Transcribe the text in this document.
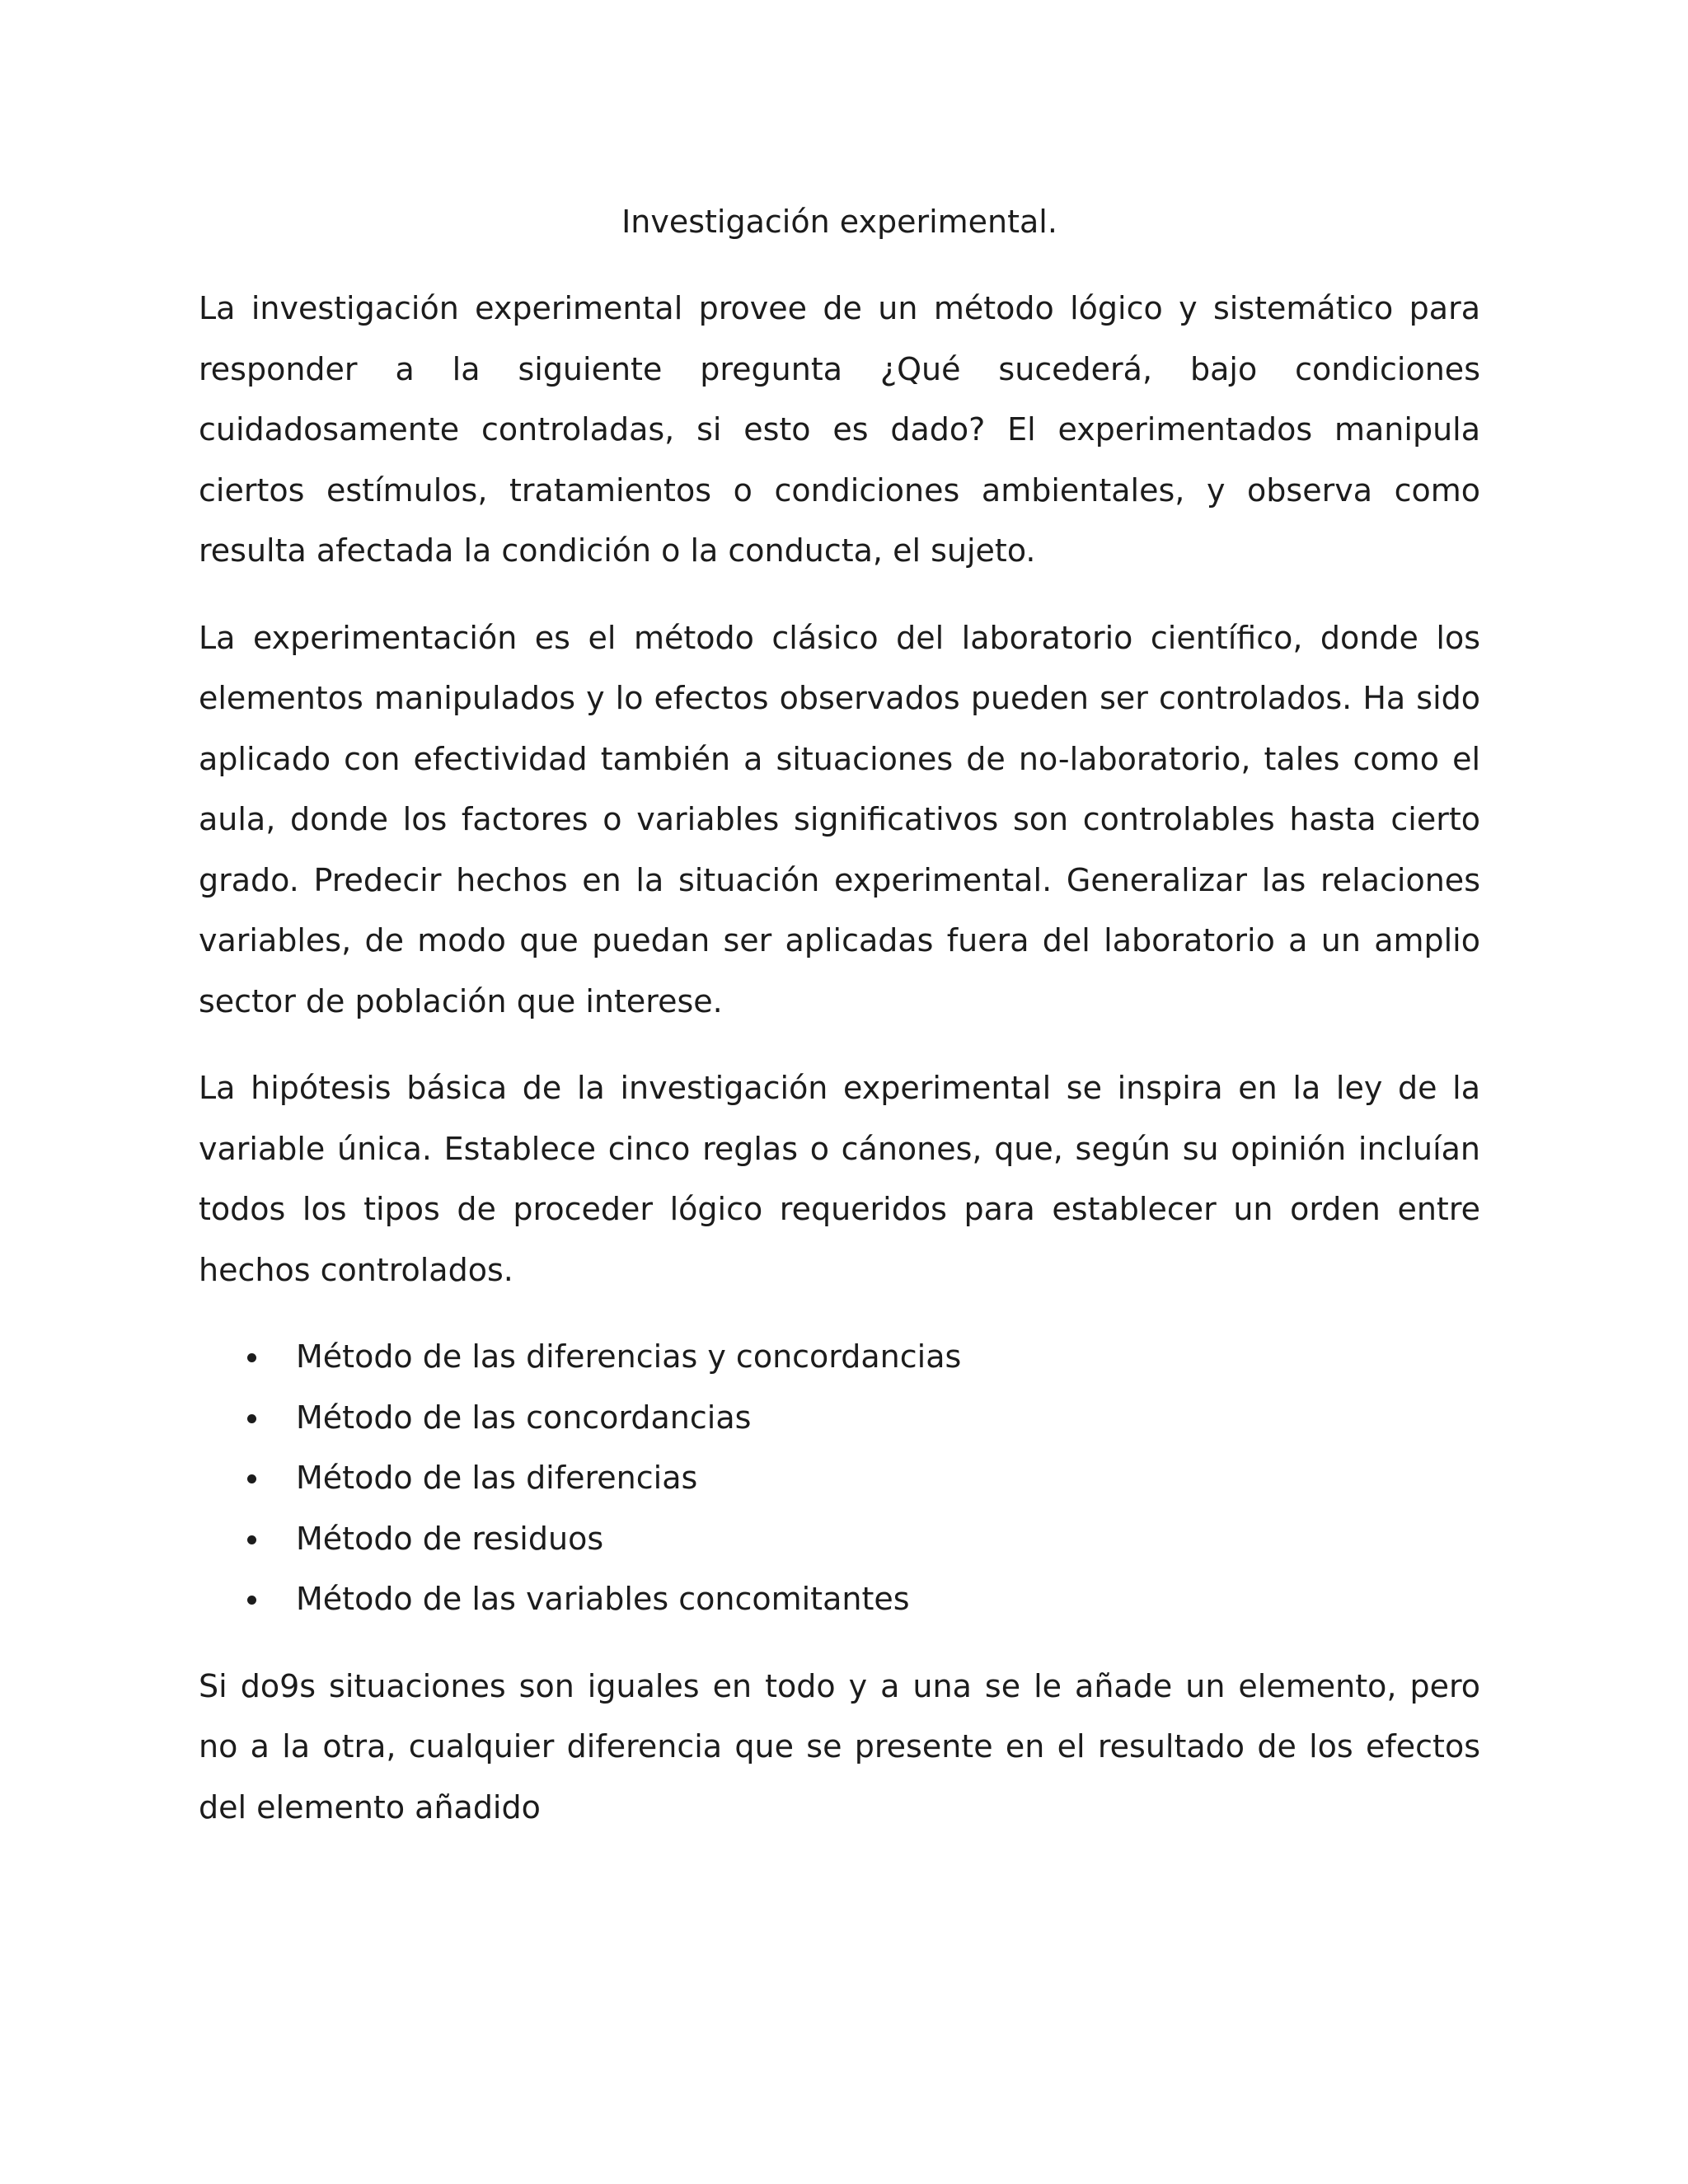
Investigación experimental.

La investigación experimental provee de un método lógico y sistemático para responder a la siguiente pregunta ¿Qué sucederá, bajo condiciones cuidadosamente controladas, si esto es dado? El experimentados manipula ciertos estímulos, tratamientos o condiciones ambientales, y observa como resulta afectada la condición o la conducta, el sujeto.

La experimentación es el método clásico del laboratorio científico, donde los elementos manipulados y lo efectos observados pueden ser controlados. Ha sido aplicado con efectividad también a situaciones de no-laboratorio, tales como el aula, donde los factores o variables significativos son controlables hasta cierto grado. Predecir hechos en la situación experimental. Generalizar las relaciones variables, de modo que puedan ser aplicadas fuera del laboratorio a un amplio sector de población que interese.

La hipótesis básica de la investigación experimental se inspira en la ley de la variable única. Establece cinco reglas o cánones, que, según su opinión incluían todos los tipos de proceder lógico requeridos para establecer un orden entre hechos controlados.

Método de las diferencias y concordancias
Método de las concordancias
Método de las diferencias
Método de residuos
Método de las variables concomitantes

Si do9s situaciones son iguales en todo y a una se le añade un elemento, pero no a la otra, cualquier diferencia que se presente en el resultado de los efectos del elemento añadido
